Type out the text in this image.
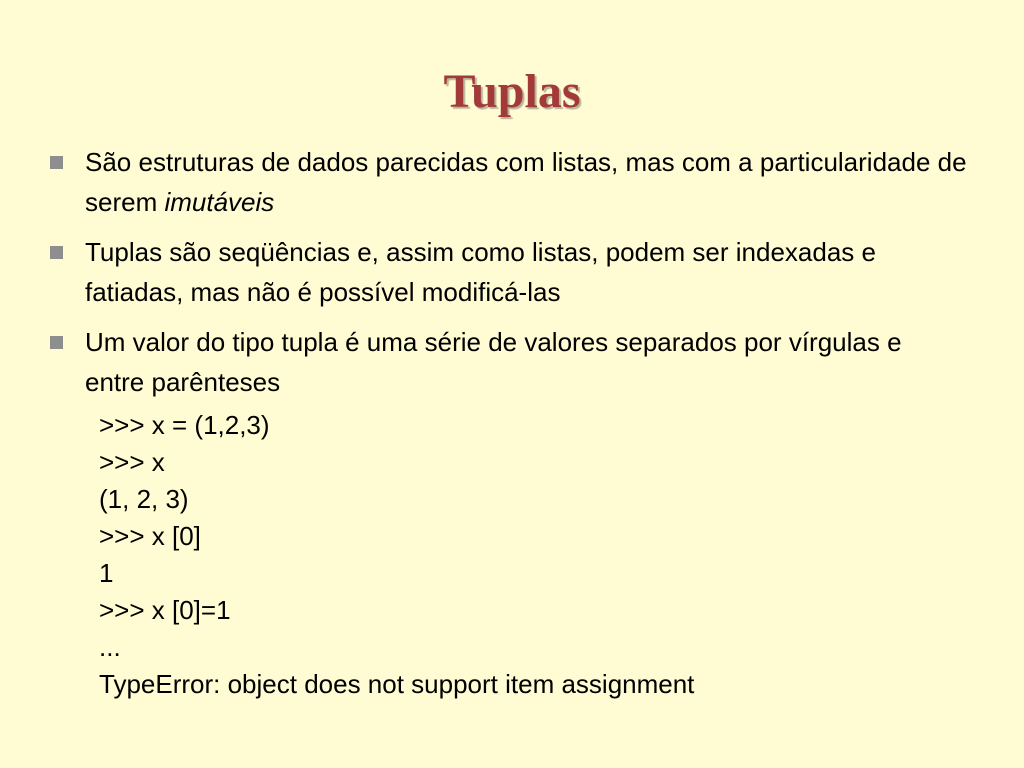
Tuplas
São estruturas de dados parecidas com listas, mas com a particularidade de serem imutáveis
Tuplas são seqüências e, assim como listas, podem ser indexadas e fatiadas, mas não é possível modificá-las
Um valor do tipo tupla é uma série de valores separados por vírgulas e entre parênteses
>>> x = (1,2,3)
>>> x
(1, 2, 3)
>>> x [0]
1
>>> x [0]=1
...
TypeError: object does not support item assignment
